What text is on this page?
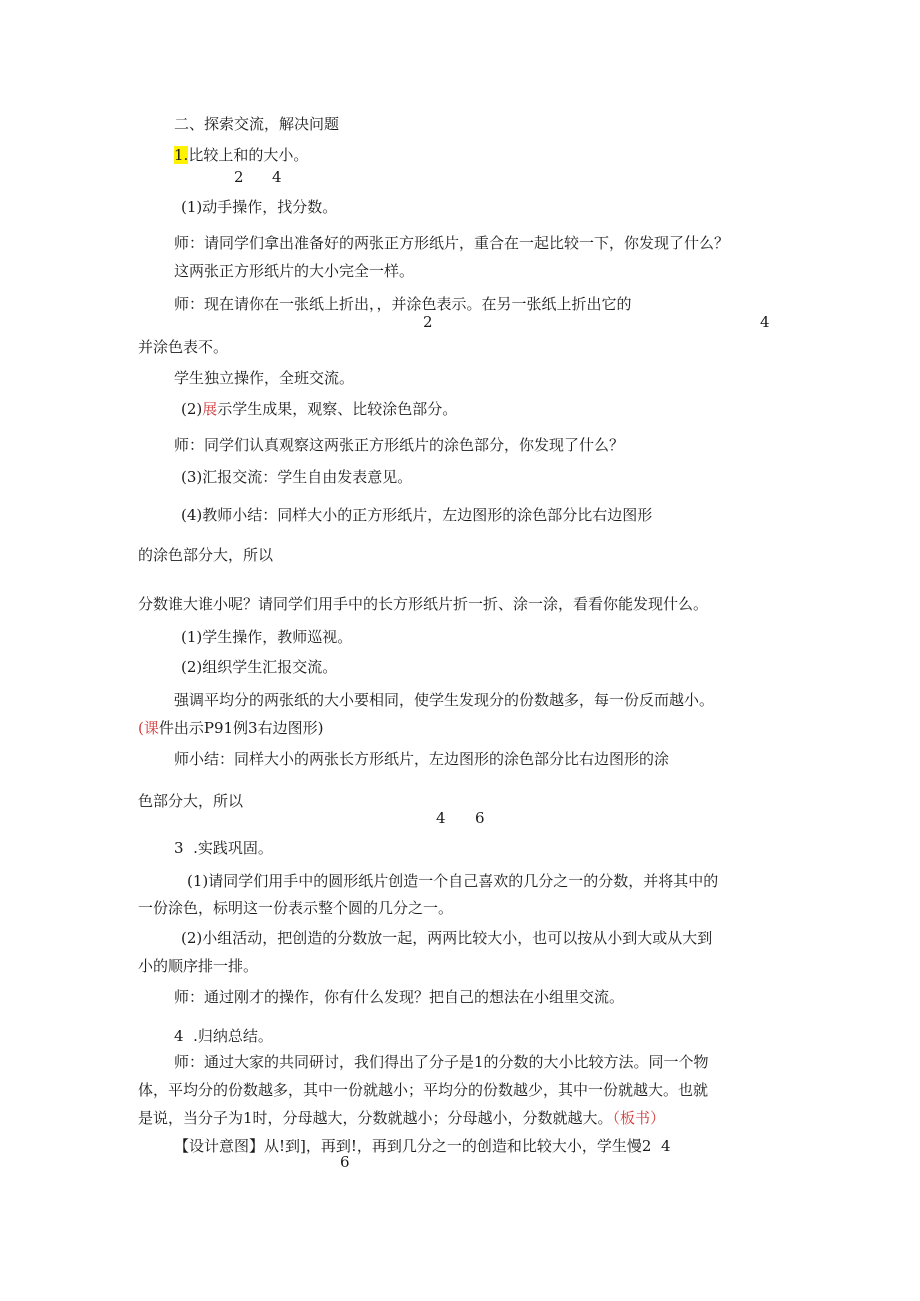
二、探索交流，解决问题
1.比较上和的大小。
2 4
(1)动手操作，找分数。
师：请同学们拿出准备好的两张正方形纸片，重合在一起比较一下，你发现了什么？
这两张正方形纸片的大小完全一样。
师：现在请你在一张纸上折出，，并涂色表示。在另一张纸上折出它的
2	4
并涂色表不。
学生独立操作，全班交流。
(2)展示学生成果，观察、比较涂色部分。
师：同学们认真观察这两张正方形纸片的涂色部分，你发现了什么？
(3)汇报交流：学生自由发表意见。
(4)教师小结：同样大小的正方形纸片，左边图形的涂色部分比右边图形
的涂色部分大，所以
分数谁大谁小呢？请同学们用手中的长方形纸片折一折、涂一涂，看看你能发现什么。
(1)学生操作，教师巡视。
(2)组织学生汇报交流。
强调平均分的两张纸的大小要相同，使学生发现分的份数越多，每一份反而越小。
(课件出示P91例3右边图形)
师小结：同样大小的两张长方形纸片，左边图形的涂色部分比右边图形的涂
色部分大，所以
4 6
3  .实践巩固。
(1)请同学们用手中的圆形纸片创造一个自己喜欢的几分之一的分数，并将其中的
一份涂色，标明这一份表示整个圆的几分之一。
(2)小组活动，把创造的分数放一起，两两比较大小，也可以按从小到大或从大到
小的顺序排一排。
师：通过刚才的操作，你有什么发现？把自己的想法在小组里交流。
4  .归纳总结。
师：通过大家的共同研讨，我们得出了分子是1的分数的大小比较方法。同一个物
体，平均分的份数越多，其中一份就越小；平均分的份数越少，其中一份就越大。也就
是说，当分子为1时，分母越大，分数就越小；分母越小，分数就越大。（板书）
【设计意图】从!到]，再到!，再到几分之一的创造和比较大小，学生慢2  4
6
